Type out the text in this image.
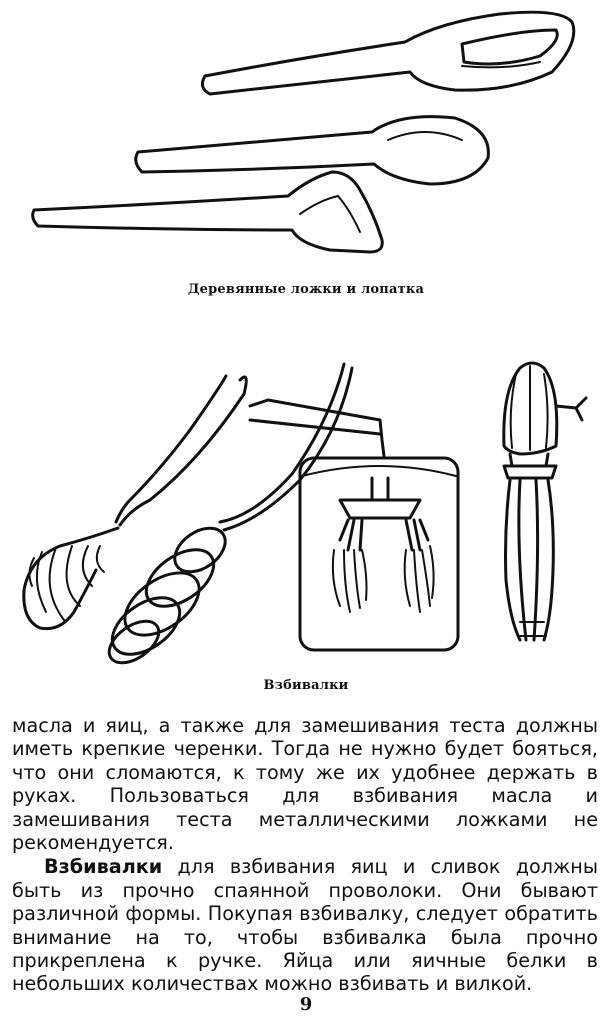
Деревянные ложки и лопатка
Взбивалки

масла и яиц, а также для замешивания теста должны иметь крепкие черенки. Тогда не нужно будет бояться, что они сломаются, к тому же их удобнее держать в руках. Пользоваться для взбивания масла и замешивания теста металлическими ложками не рекомендуется.

Взбивалки для взбивания яиц и сливок должны быть из прочно спаянной проволоки. Они бывают различной формы. Покупая взбивалку, следует обратить внимание на то, чтобы взбивалка была прочно прикреплена к ручке. Яйца или яичные белки в небольших количествах можно взбивать и вилкой.

9
